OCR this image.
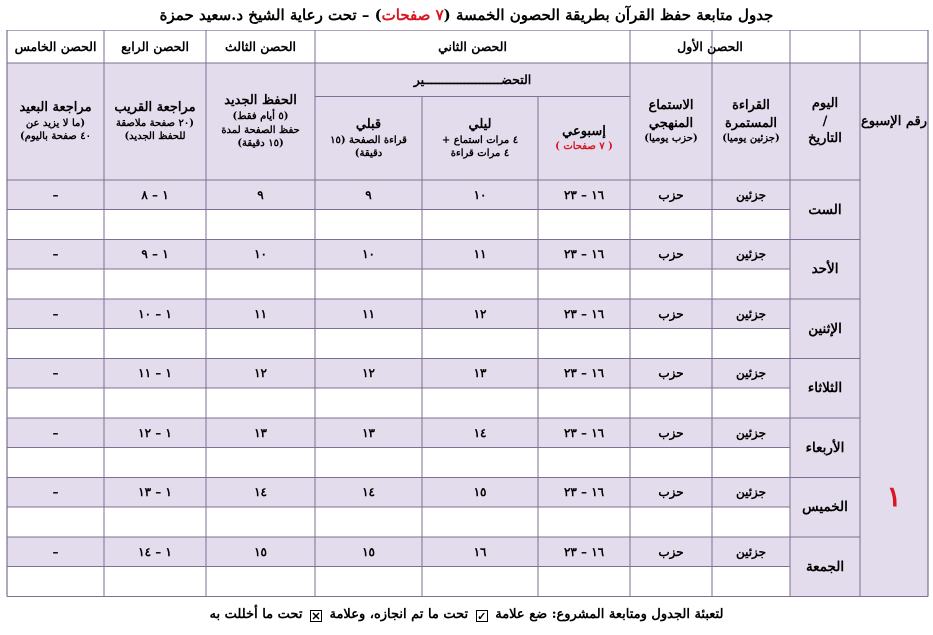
جدول متابعة حفظ القرآن بطريقة الحصون الخمسة (٧ صفحات) – تحت رعاية الشيخ د.سعيد حمزة
الحصن الأول
الحصن الثاني
الحصن الثالث
الحصن الرابع
الحصن الخامس
رقم الإسبوع
اليوم
/
التاريخ
القراءة المستمرة
(جزئين يوميا)
الاستماع المنهجي
(حزب يوميا)
التحضـــــــــــــــــــــير
إسبوعي
( ٧ صفحات )
ليلي
٤ مرات استماع +
٤ مرات قراءة
قبلي
قراءة الصفحة (١٥
دقيقة)
الحفظ الجديد
(٥ أيام فقط)
حفظ الصفحة لمدة
(١٥ دقيقة)
مراجعة القريب
(٢٠ صفحة ملاصقة
للحفظ الجديد)
مراجعة البعيد
(ما لا يزيد عن
٤٠ صفحة باليوم)
١
الست
جزئين
حزب
١٦ – ٢٣
١٠
٩
٩
١ – ٨
–
الأحد
جزئين
حزب
١٦ – ٢٣
١١
١٠
١٠
١ – ٩
–
الإثنين
جزئين
حزب
١٦ – ٢٣
١٢
١١
١١
١ – ١٠
–
الثلاثاء
جزئين
حزب
١٦ – ٢٣
١٣
١٢
١٢
١ – ١١
–
الأربعاء
جزئين
حزب
١٦ – ٢٣
١٤
١٣
١٣
١ – ١٢
–
الخميس
جزئين
حزب
١٦ – ٢٣
١٥
١٤
١٤
١ – ١٣
–
الجمعة
جزئين
حزب
١٦ – ٢٣
١٦
١٥
١٥
١ – ١٤
–
لتعبئة الجدول ومتابعة المشروع: ضع علامة ✓ تحت ما تم انجازه، وعلامة ✕ تحت ما أخللت به
